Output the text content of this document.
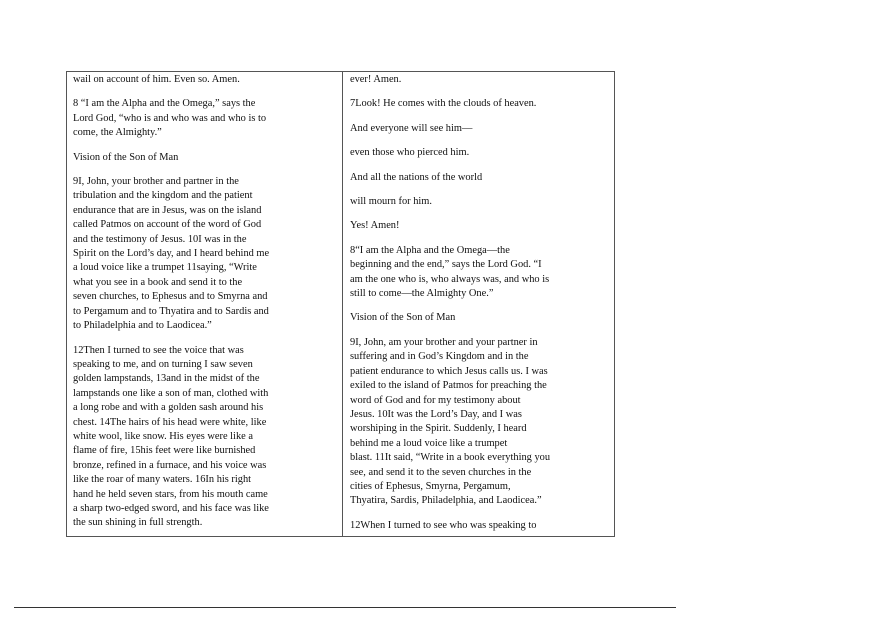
wail on account of him. Even so. Amen.

8 “I am the Alpha and the Omega,” says the
Lord God, “who is and who was and who is to
come, the Almighty.”

Vision of the Son of Man

9I, John, your brother and partner in the
tribulation and the kingdom and the patient
endurance that are in Jesus, was on the island
called Patmos on account of the word of God
and the testimony of Jesus. 10I was in the
Spirit on the Lord’s day, and I heard behind me
a loud voice like a trumpet 11saying, “Write
what you see in a book and send it to the
seven churches, to Ephesus and to Smyrna and
to Pergamum and to Thyatira and to Sardis and
to Philadelphia and to Laodicea.”

12Then I turned to see the voice that was
speaking to me, and on turning I saw seven
golden lampstands, 13and in the midst of the
lampstands one like a son of man, clothed with
a long robe and with a golden sash around his
chest. 14The hairs of his head were white, like
white wool, like snow. His eyes were like a
flame of fire, 15his feet were like burnished
bronze, refined in a furnace, and his voice was
like the roar of many waters. 16In his right
hand he held seven stars, from his mouth came
a sharp two-edged sword, and his face was like
the sun shining in full strength.

ever! Amen.

7Look! He comes with the clouds of heaven.

And everyone will see him—

even those who pierced him.

And all the nations of the world

will mourn for him.

Yes! Amen!

8“I am the Alpha and the Omega—the
beginning and the end,” says the Lord God. “I
am the one who is, who always was, and who is
still to come—the Almighty One.”

Vision of the Son of Man

9I, John, am your brother and your partner in
suffering and in God’s Kingdom and in the
patient endurance to which Jesus calls us. I was
exiled to the island of Patmos for preaching the
word of God and for my testimony about
Jesus. 10It was the Lord’s Day, and I was
worshiping in the Spirit. Suddenly, I heard
behind me a loud voice like a trumpet
blast. 11It said, “Write in a book everything you
see, and send it to the seven churches in the
cities of Ephesus, Smyrna, Pergamum,
Thyatira, Sardis, Philadelphia, and Laodicea.”

12When I turned to see who was speaking to
